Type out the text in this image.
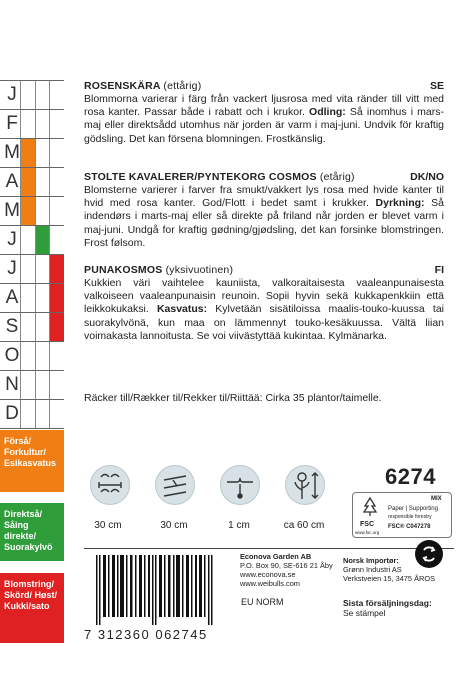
J
F
M
A
M
J
J
A
S
O
N
D
Förså/ Forkultur/ Esikasvatus
Direktså/ Såing direkte/ Suorakylvö
Blomstring/ Skörd/ Høst/ Kukki/sato
ROSENSKÄRA (ettårig)	SE

Blommorna varierar i färg från vackert ljusrosa med vita ränder till vitt med rosa kanter. Passar både i rabatt och i krukor. Odling: Så inomhus i mars-maj eller direktsådd utomhus när jorden är varm i maj-juni. Undvik för kraftig gödsling. Det kan försena blomningen. Frostkänslig.

STOLTE KAVALERER/PYNTEKORG COSMOS (etårig)	DK/NO

Blomsterne varierer i farver fra smukt/vakkert lys rosa med hvide kanter til hvid med rosa kanter. God/Flott i bedet samt i krukker. Dyrkning: Så indendørs i marts-maj eller så direkte på friland når jorden er blevet varm i maj-juni. Undgå for kraftig gødning/gjødsling, det kan forsinke blomstringen. Frost følsom.

PUNAKOSMOS (yksivuotinen)	FI

Kukkien väri vaihtelee kauniista, valkoraitaisesta vaaleanpunaisesta valkoiseen vaaleanpunaisin reunoin. Sopii hyvin sekä kukkapenkkiin että leikkokukaksi. Kasvatus: Kylvetään sisätiloissa maalis-touko-kuussa tai suorakylvönä, kun maa on lämmennyt touko-kesäkuussa. Vältä liian voimakasta lannoitusta. Se voi viivästyttää kukintaa. Kylmänarka.

Räcker till/Rækker til/Rekker til/Riittää: Cirka 35 plantor/taimelle.
30 cm	30 cm	1 cm	ca 60 cm
6274
FSC
www.fsc.org
MIX
Paper | Supporting
responsible forestry
FSC® C047278
7 312360 062745
Econova Garden AB
P.O. Box 90, SE-616 21 Åby
www.econova.se
www.weibulls.com
Norsk Importør:
Grønn Industri AS
Verkstveien 15, 3475 ÅROS
EU NORM	Sista försäljningsdag:
Se stämpel
